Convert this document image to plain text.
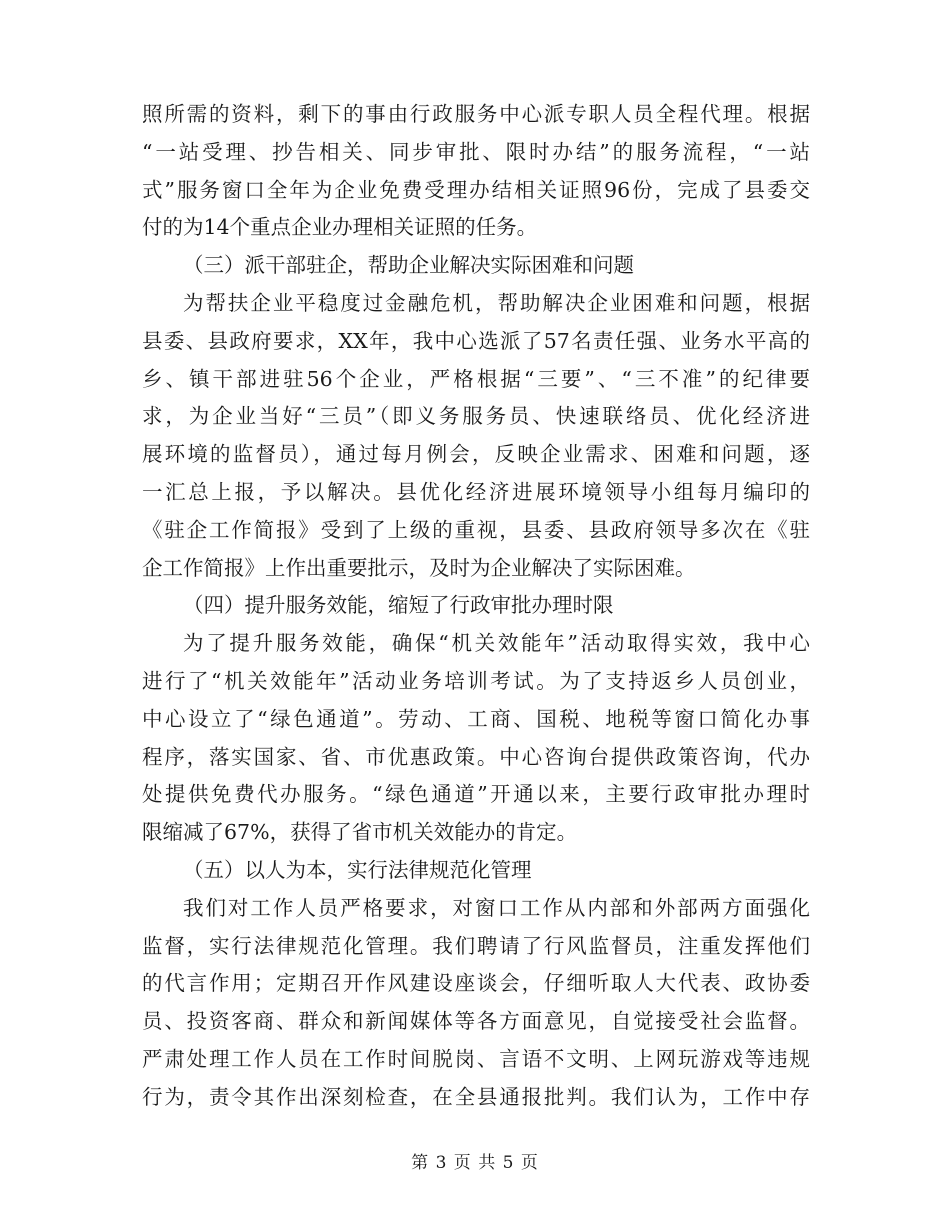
照所需的资料，剩下的事由行政服务中心派专职人员全程代理。根据
“一站受理、抄告相关、同步审批、限时办结”的服务流程，“一站
式”服务窗口全年为企业免费受理办结相关证照96份，完成了县委交
付的为14个重点企业办理相关证照的任务。
（三）派干部驻企，帮助企业解决实际困难和问题
为帮扶企业平稳度过金融危机，帮助解决企业困难和问题，根据
县委、县政府要求，XX年，我中心选派了57名责任强、业务水平高的
乡、镇干部进驻56个企业，严格根据“三要”、“三不准”的纪律要
求，为企业当好“三员”（即义务服务员、快速联络员、优化经济进
展环境的监督员），通过每月例会，反映企业需求、困难和问题，逐
一汇总上报，予以解决。县优化经济进展环境领导小组每月编印的
《驻企工作简报》受到了上级的重视，县委、县政府领导多次在《驻
企工作简报》上作出重要批示，及时为企业解决了实际困难。
（四）提升服务效能，缩短了行政审批办理时限
为了提升服务效能，确保“机关效能年”活动取得实效，我中心
进行了“机关效能年”活动业务培训考试。为了支持返乡人员创业，
中心设立了“绿色通道”。劳动、工商、国税、地税等窗口简化办事
程序，落实国家、省、市优惠政策。中心咨询台提供政策咨询，代办
处提供免费代办服务。“绿色通道”开通以来，主要行政审批办理时
限缩减了67%，获得了省市机关效能办的肯定。
（五）以人为本，实行法律规范化管理
我们对工作人员严格要求，对窗口工作从内部和外部两方面强化
监督，实行法律规范化管理。我们聘请了行风监督员，注重发挥他们
的代言作用；定期召开作风建设座谈会，仔细听取人大代表、政协委
员、投资客商、群众和新闻媒体等各方面意见，自觉接受社会监督。
严肃处理工作人员在工作时间脱岗、言语不文明、上网玩游戏等违规
行为，责令其作出深刻检查，在全县通报批判。我们认为，工作中存
第 3 页 共 5 页
